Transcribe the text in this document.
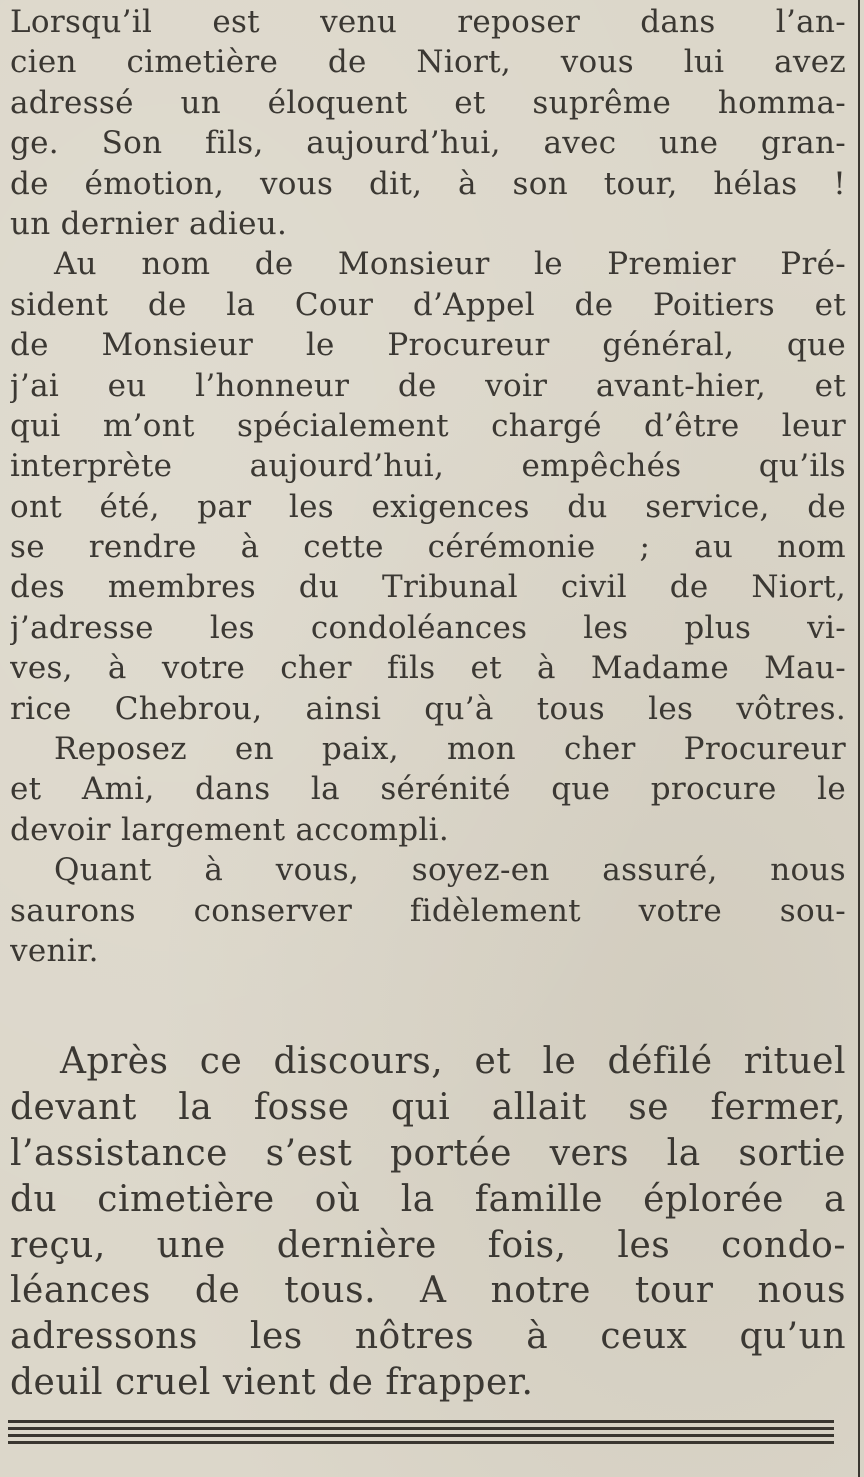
Lorsqu’il est venu reposer dans l’an-
cien cimetière de Niort, vous lui avez
adressé un éloquent et suprême homma-
ge. Son fils, aujourd’hui, avec une gran-
de émotion, vous dit, à son tour, hélas !
un dernier adieu.
Au nom de Monsieur le Premier Pré-
sident de la Cour d’Appel de Poitiers et
de Monsieur le Procureur général, que
j’ai eu l’honneur de voir avant-hier, et
qui m’ont spécialement chargé d’être leur
interprète aujourd’hui, empêchés qu’ils
ont été, par les exigences du service, de
se rendre à cette cérémonie ; au nom
des membres du Tribunal civil de Niort,
j’adresse les condoléances les plus vi-
ves, à votre cher fils et à Madame Mau-
rice Chebrou, ainsi qu’à tous les vôtres.
Reposez en paix, mon cher Procureur
et Ami, dans la sérénité que procure le
devoir largement accompli.
Quant à vous, soyez-en assuré, nous
saurons conserver fidèlement votre sou-
venir.
Après ce discours, et le défilé rituel
devant la fosse qui allait se fermer,
l’assistance s’est portée vers la sortie
du cimetière où la famille éplorée a
reçu, une dernière fois, les condo-
léances de tous. A notre tour nous
adressons les nôtres à ceux qu’un
deuil cruel vient de frapper.
